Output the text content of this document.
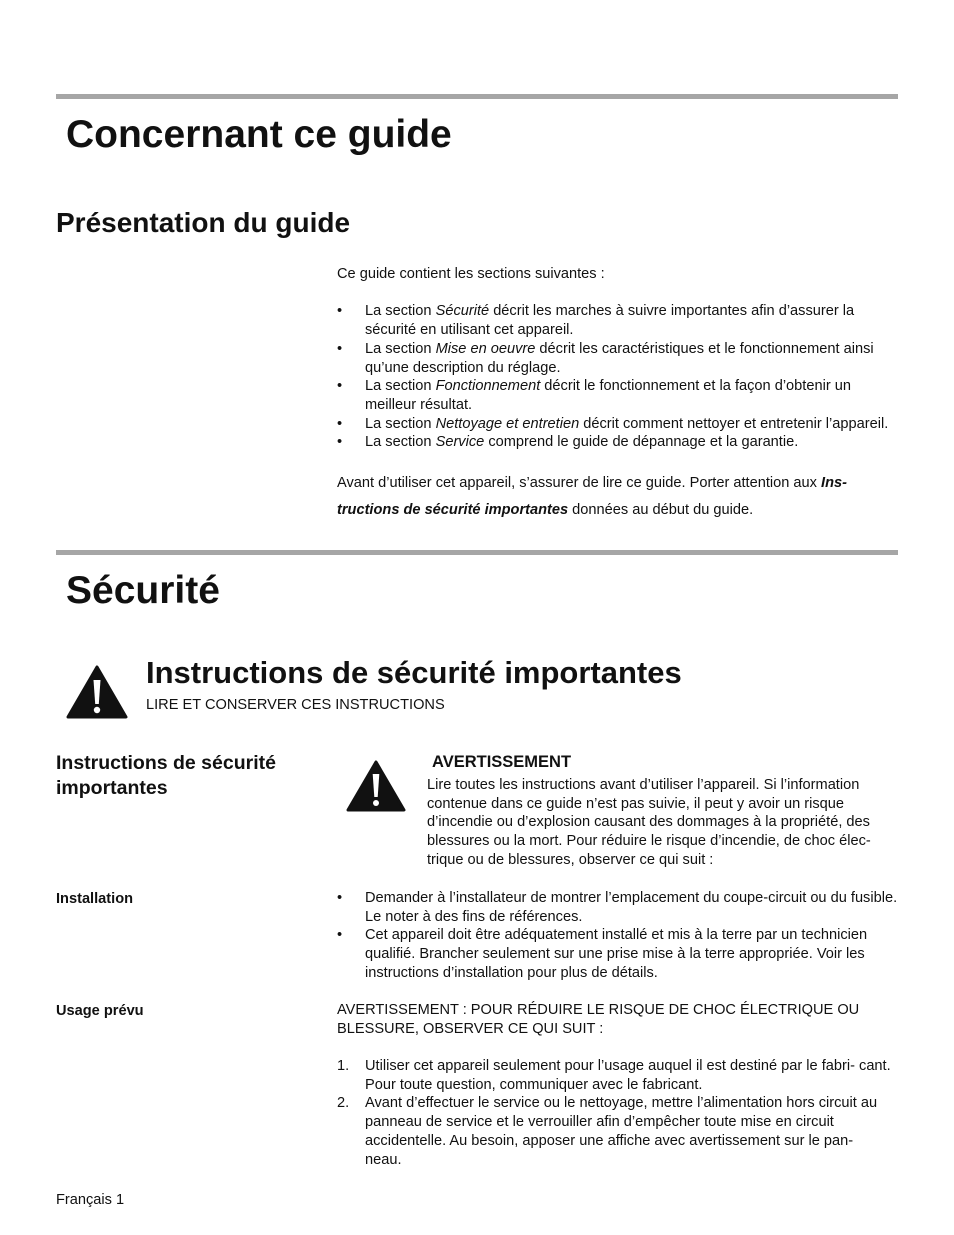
Concernant ce guide
Présentation du guide
Ce guide contient les sections suivantes :
• La section Sécurité décrit les marches à suivre importantes afin d’assurer la sécurité en utilisant cet appareil.
• La section Mise en oeuvre décrit les caractéristiques et le fonctionnement ainsi qu’une description du réglage.
• La section Fonctionnement décrit le fonctionnement et la façon d’obtenir un meilleur résultat.
• La section Nettoyage et entretien décrit comment nettoyer et entretenir l’appareil.
• La section Service comprend le guide de dépannage et la garantie.
Avant d’utiliser cet appareil, s’assurer de lire ce guide. Porter attention aux Ins- tructions de sécurité importantes données au début du guide.
Sécurité
Instructions de sécurité importantes
LIRE ET CONSERVER CES INSTRUCTIONS
Instructions de sécurité importantes
AVERTISSEMENT
Lire toutes les instructions avant d’utiliser l’appareil. Si l’information contenue dans ce guide n’est pas suivie, il peut y avoir un risque d’incendie ou d’explosion causant des dommages à la propriété, des blessures ou la mort. Pour réduire le risque d’incendie, de choc élec- trique ou de blessures, observer ce qui suit :
Installation	• Demander à l’installateur de montrer l’emplacement du coupe-circuit ou du fusible. Le noter à des fins de références.
• Cet appareil doit être adéquatement installé et mis à la terre par un technicien qualifié. Brancher seulement sur une prise mise à la terre appropriée. Voir les instructions d’installation pour plus de détails.
Usage prévu	AVERTISSEMENT : POUR RÉDUIRE LE RISQUE DE CHOC ÉLECTRIQUE OU BLESSURE, OBSERVER CE QUI SUIT :
1. Utiliser cet appareil seulement pour l’usage auquel il est destiné par le fabri- cant. Pour toute question, communiquer avec le fabricant.
2. Avant d’effectuer le service ou le nettoyage, mettre l’alimentation hors circuit au panneau de service et le verrouiller afin d’empêcher toute mise en circuit accidentelle. Au besoin, apposer une affiche avec avertissement sur le pan- neau.
Français 1
